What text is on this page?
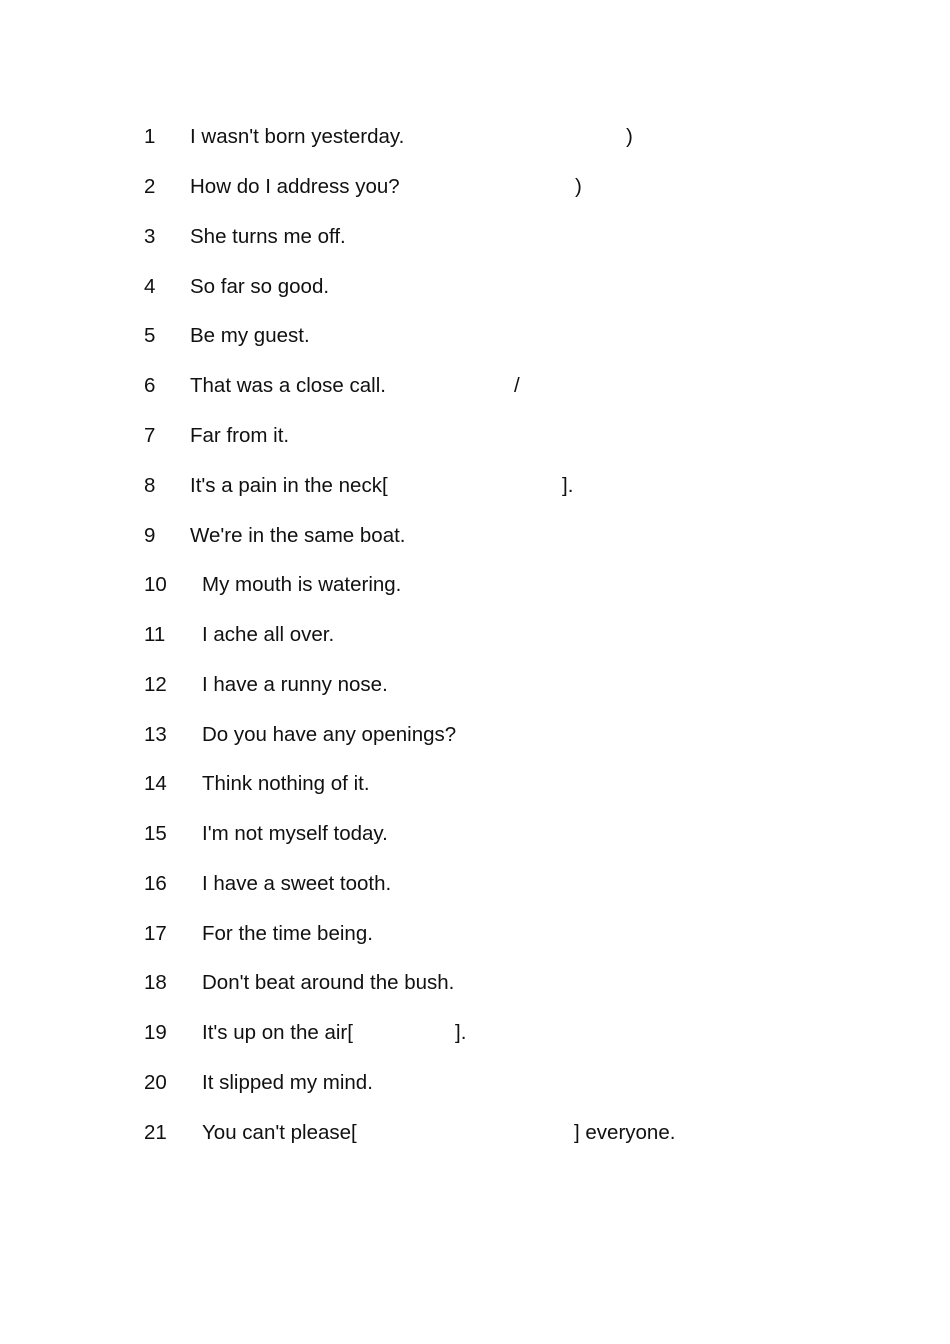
1

I wasn't born yesterday.

	)

2

How do I address you?

	)

3

She turns me off.

4

So far so good.

5

Be my guest.

6

That was a close call.

	/

7

Far from it.

8

It's a pain in the neck[

	].

9

We're in the same boat.

10

My mouth is watering.

11

I ache all over.

12

I have a runny nose.

13

Do you have any openings?

14

Think nothing of it.

15

I'm not myself today.

16

I have a sweet tooth.

17

For the time being.

18

Don't beat around the bush.

19

It's up on the air[

	].

20

It slipped my mind.

21

You can't please[

	] everyone.
